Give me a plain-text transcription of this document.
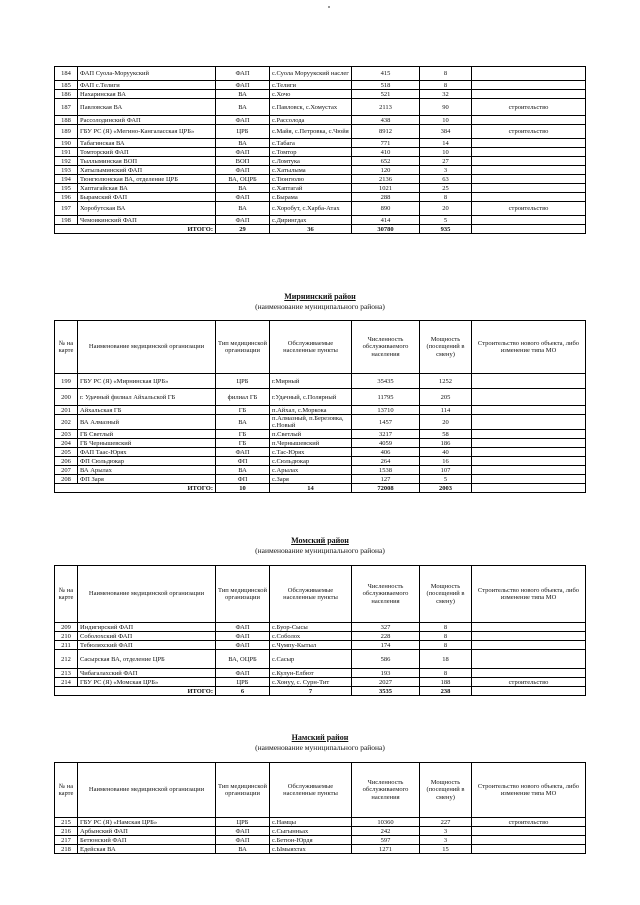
184	ФАП Суола-Моруукский	ФАП	с.Суола Моруукский наслег	415	8	
185	ФАП с.Телиги	ФАП	с.Телиги	518	8	
186	Нахаринская ВА	ВА	с.Хочо	521	32	
187	Павловская ВА	ВА	с.Павловск, с.Хомустах	2113	90	строительство
188	Рассолодинский ФАП	ФАП	с.Рассолода	438	10	
189	ГБУ РС (Я) «Мегино-Кангаласская ЦРБ»	ЦРБ	с.Майя, с.Петровка, с.Чюйя	8912	384	строительство
190	Табагинская ВА	ВА	с.Табага	771	14	
191	Томторский ФАП	ФАП	с.Томтор	410	10	
192	Тыллыминская ВОП	ВОП	с.Ломтука	652	27	
193	Хатылыминский ФАП	ФАП	с.Хатылыма	120	3	
194	Тюнгюлюнская ВА, отделение ЦРБ	ВА, ОЦРБ	с.Тюнгюлю	2136	63	
195	Хаптагайская ВА	ВА	с.Хаптагай	1021	25	
196	Бырамский ФАП	ФАП	с.Бырама	288	8	
197	Хоробутская ВА	ВА	с.Хоробут, с.Харба-Атах	890	20	строительство
198	Чемоикинский ФАП	ФАП	с.Дирингдах	414	5	
ИТОГО:		29	36	30780	935	
Мирнинский район
(наименование муниципального района)
№ на карте	Наименование медицинской организации	Тип медицинской организации	Обслуживаемые населенные пункты	Численность обслуживаемого населения	Мощность (посещений в смену)	Строительство нового объекта, либо изменение типа МО
199	ГБУ РС (Я) «Мирнинская ЦРБ»	ЦРБ	г.Мирный	35435	1252	
200	г. Удачный филиал Айхальской ГБ	филиал ГБ	г.Удачный, с.Полярный	11795	205	
201	Айхальская ГБ	ГБ	п.Айхал, с.Моркока	13710	114	
202	ВА Алмазный	ВА	п.Алмазный, п.Березовка, с.Новый	1457	20	
203	ГБ Светлый	ГБ	п.Светлый	3217	58	
204	ГБ Чернышевский	ГБ	п.Чернышевский	4059	186	
205	ФАП Таас-Юрях	ФАП	с.Тас-Юрях	406	40	
206	ФП Сюльдюкар	ФП	с.Сюльдюкар	264	16	
207	ВА Арылах	ВА	с.Арылах	1538	107	
208	ФП Заря	ФП	с.Заря	127	5	
ИТОГО:		10	14	72008	2003	
Момский район
(наименование муниципального района)
№ на карте	Наименование медицинской организации	Тип медицинской организации	Обслуживаемые населенные пункты	Численность обслуживаемого населения	Мощность (посещений в смену)	Строительство нового объекта, либо изменение типа МО
209	Индигирский ФАП	ФАП	с.Буор-Сысы	327	8	
210	Соболохский ФАП	ФАП	с.Соболох	228	8	
211	Тебюляхский ФАП	ФАП	с.Чумпу-Кытыл	174	8	
212	Сасырская ВА, отделение ЦРБ	ВА, ОЦРБ	с.Сасыр	586	18	
213	Чибагалахский ФАП	ФАП	с.Кулун-Елбют	193	8	
214	ГБУ РС (Я) «Момская ЦРБ»	ЦРБ	с.Хонуу, с. Сурн-Тит	2027	188	строительство
ИТОГО:		6	7	3535	238	
Намский район
(наименование муниципального района)
№ на карте	Наименование медицинской организации	Тип медицинской организации	Обслуживаемые населенные пункты	Численность обслуживаемого населения	Мощность (посещений в смену)	Строительство нового объекта, либо изменение типа МО
215	ГБУ РС (Я) «Намская ЦРБ»	ЦРБ	с.Намцы	10360	227	строительство
216	Арбынский ФАП	ФАП	с.Сыгынньах	242	3	
217	Бетюнский ФАП	ФАП	с.Бетюн-Юрдя	597	3	
218	Едейская ВА	ВА	с.Ымыяхтах	1271	15	
